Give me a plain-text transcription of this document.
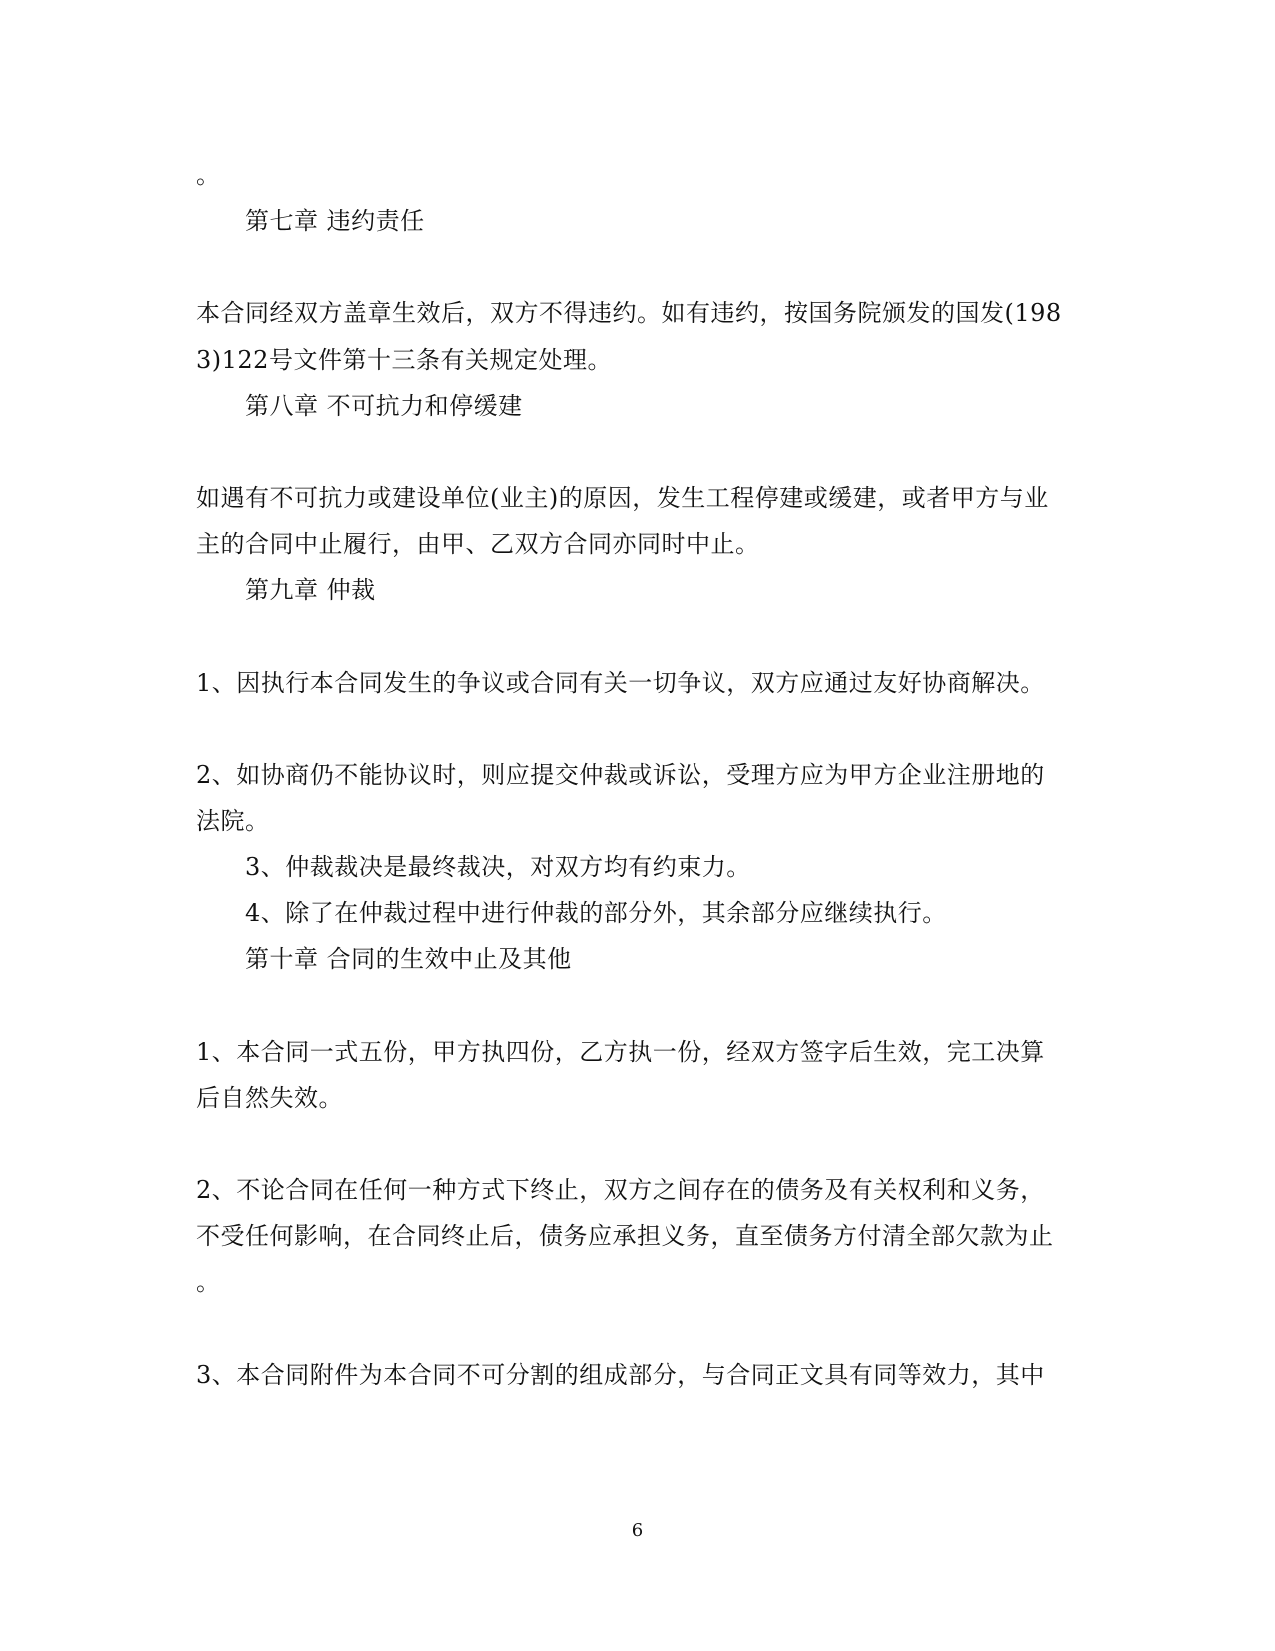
。
第七章 违约责任
本合同经双方盖章生效后，双方不得违约。如有违约，按国务院颁发的国发(198
3)122号文件第十三条有关规定处理。
第八章 不可抗力和停缓建
如遇有不可抗力或建设单位(业主)的原因，发生工程停建或缓建，或者甲方与业
主的合同中止履行，由甲、乙双方合同亦同时中止。
第九章 仲裁
1、因执行本合同发生的争议或合同有关一切争议，双方应通过友好协商解决。
2、如协商仍不能协议时，则应提交仲裁或诉讼，受理方应为甲方企业注册地的
法院。
3、仲裁裁决是最终裁决，对双方均有约束力。
4、除了在仲裁过程中进行仲裁的部分外，其余部分应继续执行。
第十章 合同的生效中止及其他
1、本合同一式五份，甲方执四份，乙方执一份，经双方签字后生效，完工决算
后自然失效。
2、不论合同在任何一种方式下终止，双方之间存在的债务及有关权利和义务，
不受任何影响，在合同终止后，债务应承担义务，直至债务方付清全部欠款为止
。
3、本合同附件为本合同不可分割的组成部分，与合同正文具有同等效力，其中
6
